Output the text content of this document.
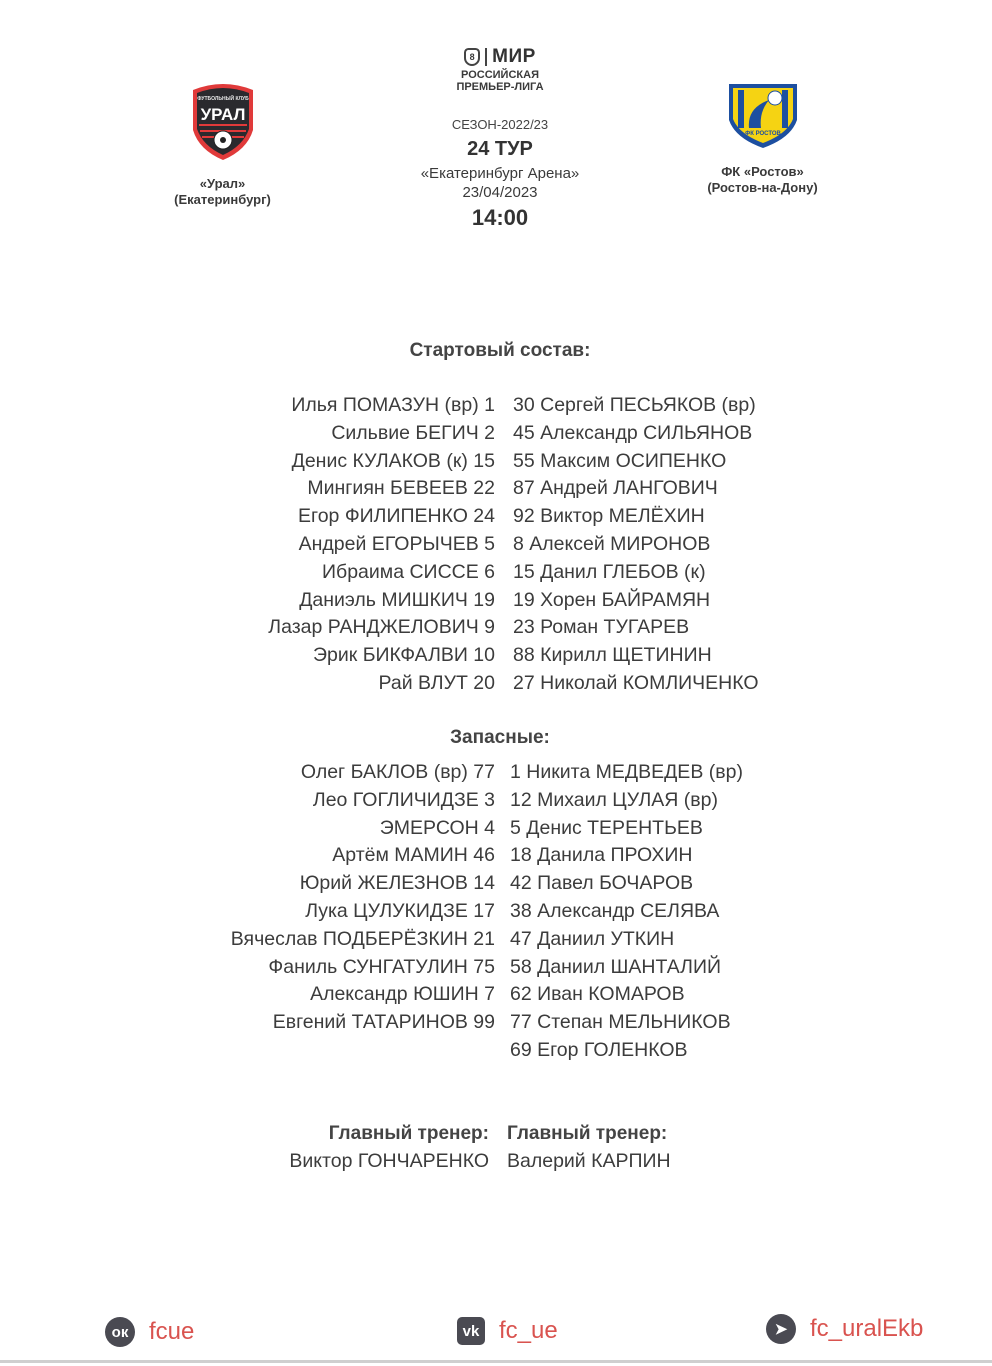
УРАЛ
ФУТБОЛЬНЫЙ КЛУБ
«Урал»
(Екатеринбург)
8 МИР
РОССИЙСКАЯ
ПРЕМЬЕР-ЛИГА
СЕЗОН-2022/23
24 ТУР
«Екатеринбург Арена»
23/04/2023
14:00
ФК РОСТОВ
ФК «Ростов»
(Ростов-на-Дону)
Стартовый состав:
Илья ПОМАЗУН (вр) 1 30 Сергей ПЕСЬЯКОВ (вр)
Сильвие БЕГИЧ 2 45 Александр СИЛЬЯНОВ
Денис КУЛАКОВ (к) 15 55 Максим ОСИПЕНКО
Мингиян БЕВЕЕВ 22 87 Андрей ЛАНГОВИЧ
Егор ФИЛИПЕНКО 24 92 Виктор МЕЛЁХИН
Андрей ЕГОРЫЧЕВ 5 8 Алексей МИРОНОВ
Ибраима СИССЕ 6 15 Данил ГЛЕБОВ (к)
Даниэль МИШКИЧ 19 19 Хорен БАЙРАМЯН
Лазар РАНДЖЕЛОВИЧ 9 23 Роман ТУГАРЕВ
Эрик БИКФАЛВИ 10 88 Кирилл ЩЕТИНИН
Рай ВЛУТ 20 27 Николай КОМЛИЧЕНКО
Запасные:
Олег БАКЛОВ (вр) 77 1 Никита МЕДВЕДЕВ (вр)
Лео ГОГЛИЧИДЗЕ 3 12 Михаил ЦУЛАЯ (вр)
ЭМЕРСОН 4 5 Денис ТЕРЕНТЬЕВ
Артём МАМИН 46 18 Данила ПРОХИН
Юрий ЖЕЛЕЗНОВ 14 42 Павел БОЧАРОВ
Лука ЦУЛУКИДЗЕ 17 38 Александр СЕЛЯВА
Вячеслав ПОДБЕРЁЗКИН 21 47 Даниил УТКИН
Фаниль СУНГАТУЛИН 75 58 Даниил ШАНТАЛИЙ
Александр ЮШИН 7 62 Иван КОМАРОВ
Евгений ТАТАРИНОВ 99 77 Степан МЕЛЬНИКОВ
69 Егор ГОЛЕНКОВ
Главный тренер: Главный тренер:
Виктор ГОНЧАРЕНКО Валерий КАРПИН
ок fcue	vk fc_ue	➤ fc_uralEkb
